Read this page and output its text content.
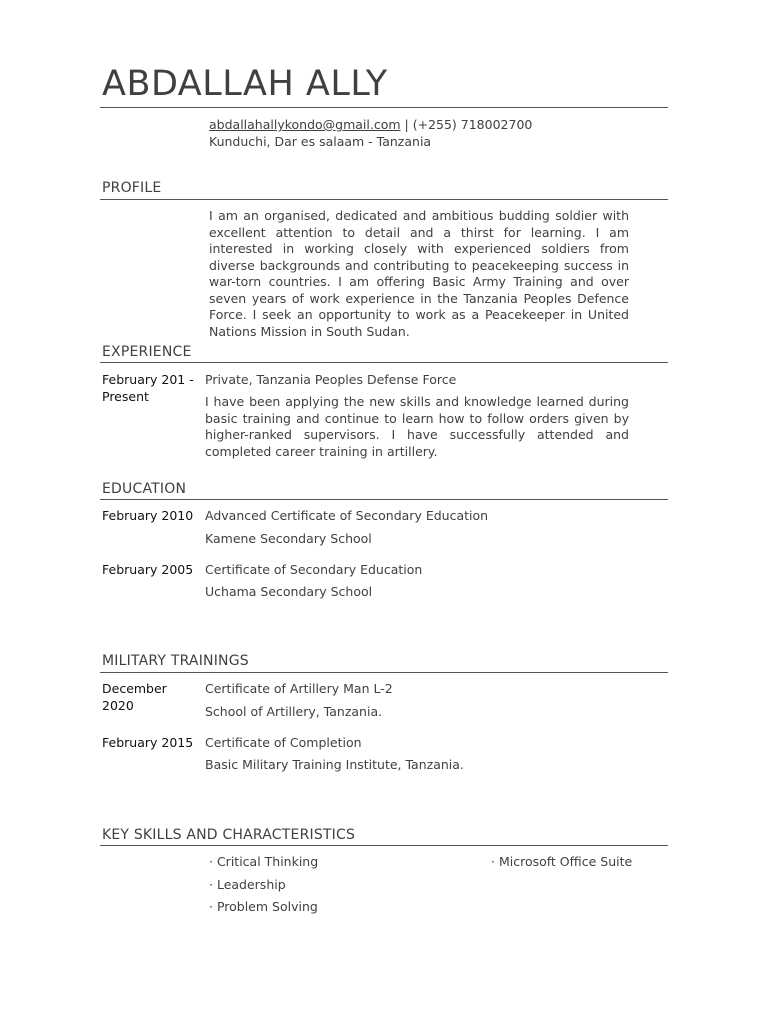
ABDALLAH ALLY
abdallahallykondo@gmail.com | (+255) 718002700
Kunduchi, Dar es salaam - Tanzania
PROFILE
I am an organised, dedicated and ambitious budding soldier with excellent attention to detail and a thirst for learning. I am interested in working closely with experienced soldiers from diverse backgrounds and contributing to peacekeeping success in war-torn countries. I am offering Basic Army Training and over seven years of work experience in the Tanzania Peoples Defence Force. I seek an opportunity to work as a Peacekeeper in United Nations Mission in South Sudan.
EXPERIENCE
February 201 -
Present
Private, Tanzania Peoples Defense Force
I have been applying the new skills and knowledge learned during basic training and continue to learn how to follow orders given by higher-ranked supervisors. I have successfully attended and completed career training in artillery.
EDUCATION
February 2010 Advanced Certificate of Secondary Education
Kamene Secondary School
February 2005 Certificate of Secondary Education
Uchama Secondary School
MILITARY TRAININGS
December 2020
Certificate of Artillery Man L-2
School of Artillery, Tanzania.
February 2015 Certificate of Completion
Basic Military Training Institute, Tanzania.
KEY SKILLS AND CHARACTERISTICS
· Critical Thinking
· Leadership
· Problem Solving
· Microsoft Office Suite
